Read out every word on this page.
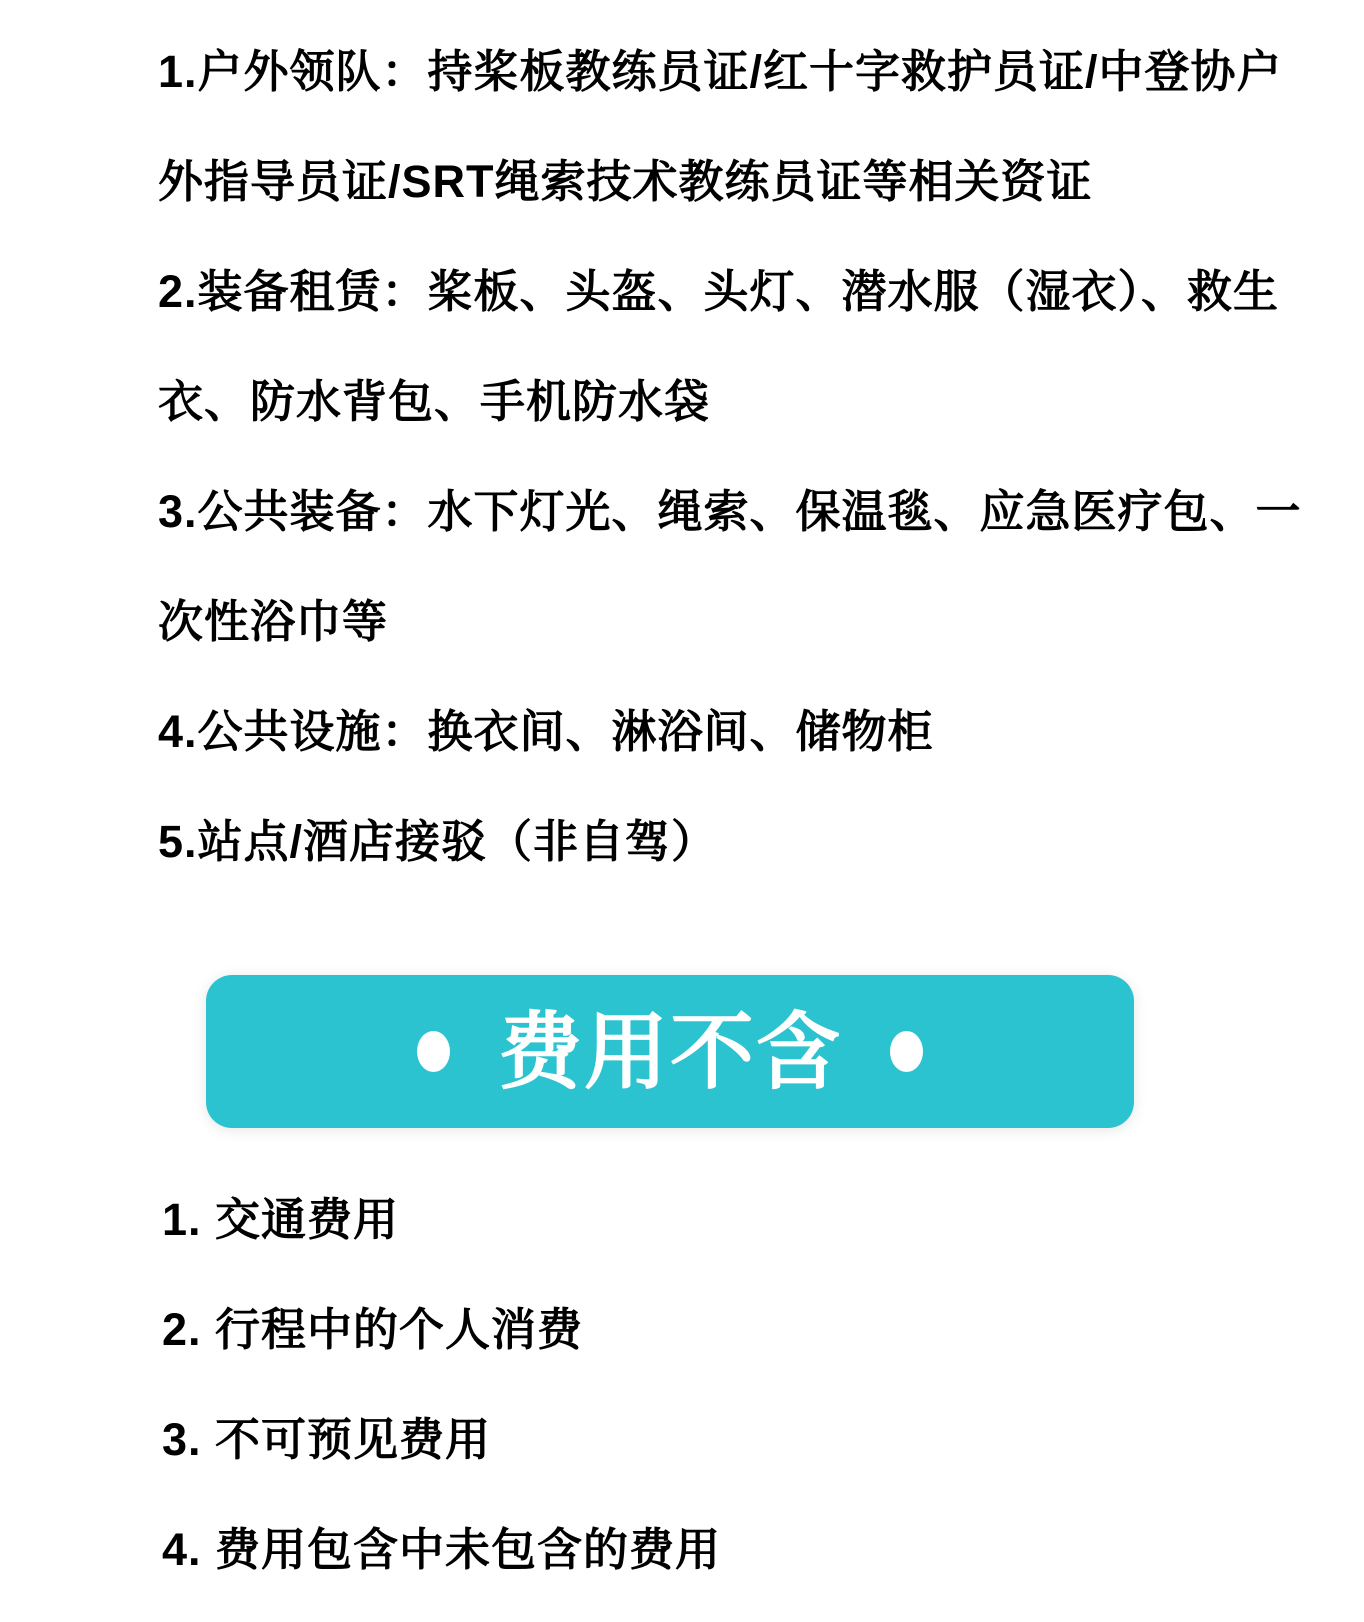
1.户外领队：持桨板教练员证/红十字救护员证/中登协户
外指导员证/SRT绳索技术教练员证等相关资证
2.装备租赁：桨板、头盔、头灯、潜水服（湿衣）、救生
衣、防水背包、手机防水袋
3.公共装备：水下灯光、绳索、保温毯、应急医疗包、一
次性浴巾等
4.公共设施：换衣间、淋浴间、储物柜
5.站点/酒店接驳（非自驾）
费用不含
1. 交通费用
2. 行程中的个人消费
3. 不可预见费用
4. 费用包含中未包含的费用
